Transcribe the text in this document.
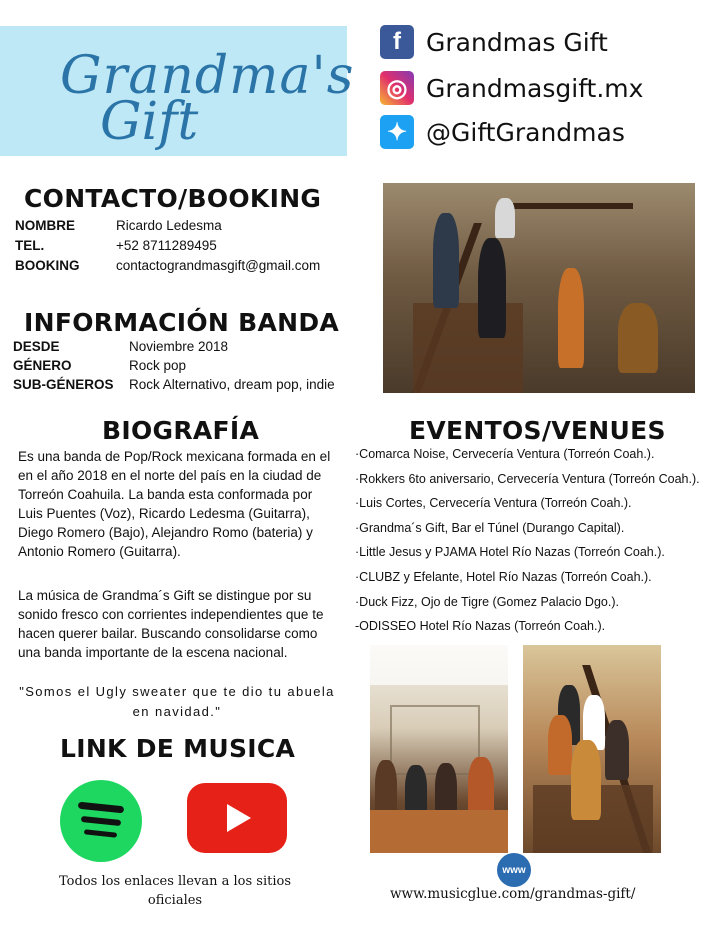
Grandma's
Gift
f	Grandmas Gift
◎ Grandmasgift.mx
✦ @GiftGrandmas
CONTACTO/BOOKING
NOMBRE	Ricardo Ledesma
TEL.	+52 8711289495
BOOKING	contactograndmasgift@gmail.com
INFORMACIÓN BANDA
DESDE	Noviembre 2018
GÉNERO	Rock pop
SUB-GÉNEROS Rock Alternativo, dream pop, indie
BIOGRAFÍA
Es una banda de Pop/Rock mexicana formada en el en el año 2018 en el norte del país en la ciudad de Torreón Coahuila. La banda esta conformada por Luis Puentes (Voz), Ricardo Ledesma (Guitarra), Diego Romero (Bajo), Alejandro Romo (bateria) y Antonio Romero (Guitarra).
La música de Grandma´s Gift se distingue por su sonido fresco con corrientes independientes que te hacen querer bailar. Buscando consolidarse como una banda importante de la escena nacional.
"Somos el Ugly sweater que te dio tu abuela en navidad."
EVENTOS/VENUES
·Comarca Noise, Cervecería Ventura (Torreón Coah.).
·Rokkers 6to aniversario, Cervecería Ventura (Torreón Coah.).
·Luis Cortes, Cervecería Ventura (Torreón Coah.).
·Grandma´s Gift, Bar el Túnel (Durango Capital).
·Little Jesus y PJAMA Hotel Río Nazas (Torreón Coah.).
·CLUBZ y Efelante, Hotel Río Nazas (Torreón Coah.).
·Duck Fizz, Ojo de Tigre (Gomez Palacio Dgo.).
-ODISSEO Hotel Río Nazas (Torreón Coah.).
LINK DE MUSICA
Todos los enlaces llevan a los sitios oficiales
www
www.musicglue.com/grandmas-gift/
